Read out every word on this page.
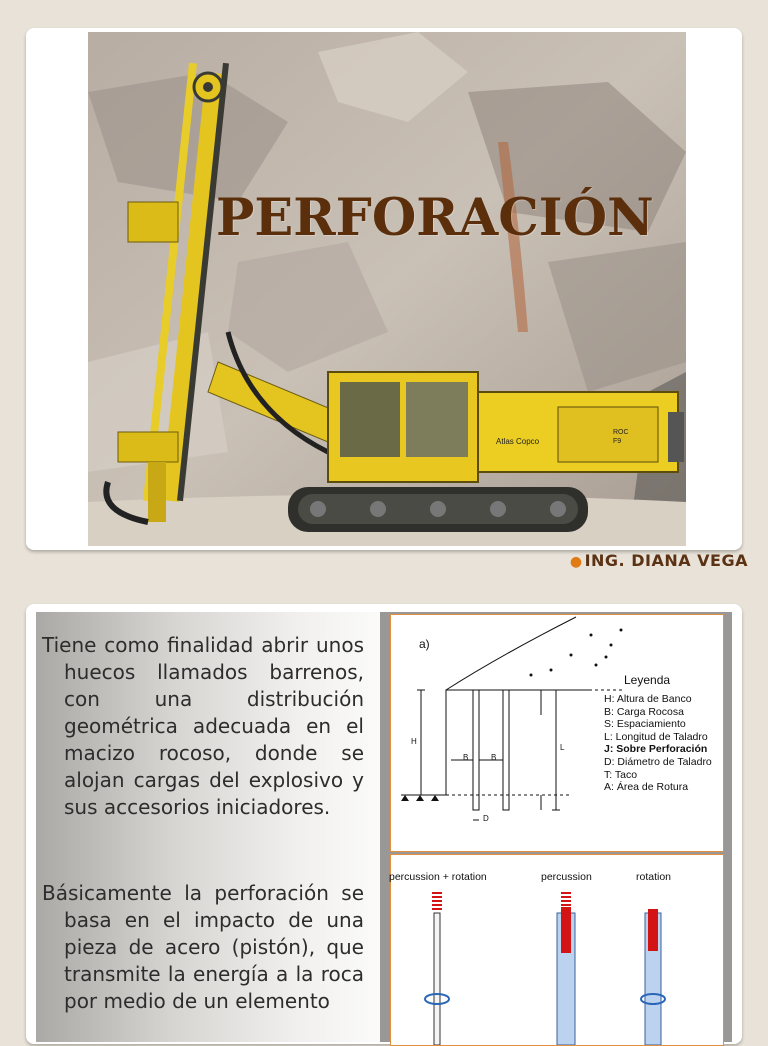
Atlas Copco
ROC
F9
PERFORACIÓN
● ING. DIANA VEGA
Tiene como finalidad abrir unos huecos llamados barrenos, con una distribución geométrica adecuada en el macizo rocoso, donde se alojan cargas del explosivo y sus accesorios iniciadores.
Básicamente la perforación se basa en el impacto de una pieza de acero (pistón), que transmite la energía a la roca por medio de un elemento
a)
H
B	B
L
D
Leyenda
H: Altura de Banco
B: Carga Rocosa
S: Espaciamiento
L: Longitud de Taladro
J: Sobre Perforación
D: Diámetro de Taladro
T: Taco
A: Área de Rotura
percussion + rotation	percussion	rotation
